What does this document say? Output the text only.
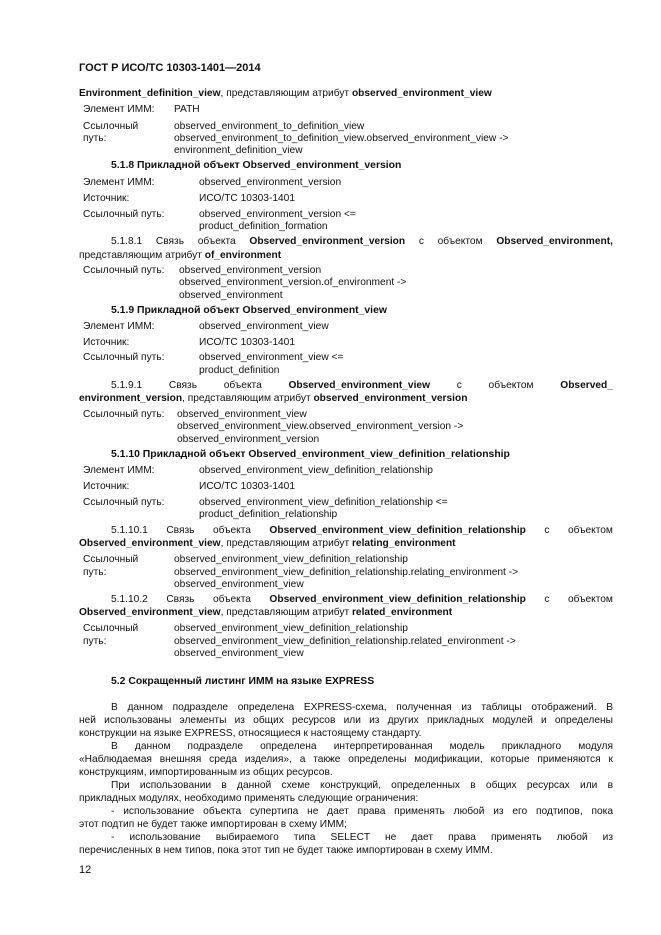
ГОСТ Р ИСО/ТС 10303-1401—2014
Environment_definition_view, представляющим атрибут observed_environment_view
Элемент ИММ: PATH
Ссылочный
путь:
observed_environment_to_definition_view
observed_environment_to_definition_view.observed_environment_view ->
environment_definition_view
5.1.8 Прикладной объект Observed_environment_version
Элемент ИММ:	observed_environment_version
Источник:	ИСО/ТС 10303-1401
Ссылочный путь:	observed_environment_version <=
product_definition_formation
5.1.8.1 Связь объекта Observed_environment_version с объектом Observed_environment,
представляющим атрибут of_environment
Ссылочный путь: observed_environment_version
observed_environment_version.of_environment ->
observed_environment
5.1.9 Прикладной объект Observed_environment_view
Элемент ИММ:	observed_environment_view
Источник:	ИСО/ТС 10303-1401
Ссылочный путь:	observed_environment_view <=
product_definition
5.1.9.1	Связь	объекта	Observed_environment_view	с	объектом	Observed_
environment_version, представляющим атрибут observed_environment_version
Ссылочный путь: observed_environment_view
observed_environment_view.observed_environment_version ->
observed_environment_version
5.1.10 Прикладной объект Observed_environment_view_definition_relationship
Элемент ИММ:	observed_environment_view_definition_relationship
Источник:	ИСО/ТС 10303-1401
Ссылочный путь:	observed_environment_view_definition_relationship <=
product_definition_relationship
5.1.10.1 Связь объекта Observed_environment_view_definition_relationship с объектом
Observed_environment_view, представляющим атрибут relating_environment
Ссылочный
путь:
observed_environment_view_definition_relationship
observed_environment_view_definition_relationship.relating_environment ->
observed_environment_view
5.1.10.2 Связь объекта Observed_environment_view_definition_relationship с объектом
Observed_environment_view, представляющим атрибут related_environment
Ссылочный
путь:
observed_environment_view_definition_relationship
observed_environment_view_definition_relationship.related_environment ->
observed_environment_view
5.2 Сокращенный листинг ИММ на языке EXPRESS
В данном подразделе определена EXPRESS-схема, полученная из таблицы отображений. В
ней использованы элементы из общих ресурсов или из других прикладных модулей и определены
конструкции на языке EXPRESS, относящиеся к настоящему стандарту.
В данном подразделе определена интерпретированная модель прикладного модуля
«Наблюдаемая внешняя среда изделия», а также определены модификации, которые применяются к
конструкциям, импортированным из общих ресурсов.
При использовании в данной схеме конструкций, определенных в общих ресурсах или в
прикладных модулях, необходимо применять следующие ограничения:
- использование объекта супертипа не дает права применять любой из его подтипов, пока
этот подтип не будет также импортирован в схему ИММ;
- использование выбираемого типа SELECT не дает права применять любой из
перечисленных в нем типов, пока этот тип не будет также импортирован в схему ИММ.
12
